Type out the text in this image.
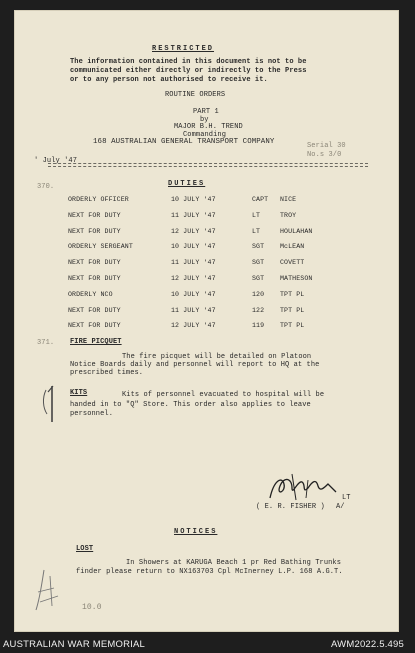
RESTRICTED
The information contained in this document is not to be
communicated either directly or indirectly to the Press
or to any person not authorised to receive it.
ROUTINE ORDERS
PART 1
by
MAJOR B.H. TREND
Commanding
168 AUSTRALIAN GENERAL TRANSPORT COMPANY	Serial 30
No.s 3/0
' July '47
370.	DUTIES
ORDERLY OFFICER	10 JULY '47	CAPT NICE
NEXT FOR DUTY	11 JULY '47	LT	TROY
NEXT FOR DUTY	12 JULY '47	LT	HOULAHAN
ORDERLY SERGEANT	10 JULY '47	SGT McLEAN
NEXT FOR DUTY	11 JULY '47	SGT COVETT
NEXT FOR DUTY	12 JULY '47	SGT MATHESON
ORDERLY NCO	10 JULY '47	120 TPT PL
NEXT FOR DUTY	11 JULY '47	122 TPT PL
NEXT FOR DUTY	12 JULY '47	119 TPT PL
371. FIRE PICQUET
The fire picquet will be detailed on Platoon
Notice Boards daily and personnel will report to HQ at the
prescribed times.
KITS	Kits of personnel evacuated to hospital will be
handed in to "Q" Store. This order also applies to leave
personnel.
( E. R. FISHER )
LT
A/
NOTICES
LOST
In Showers at KARUGA Beach 1 pr Red Bathing Trunks
finder please return to NX163703 Cpl McInerney L.P. 168 A.G.T.
10.0
AUSTRALIAN WAR MEMORIAL	AWM2022.5.495
